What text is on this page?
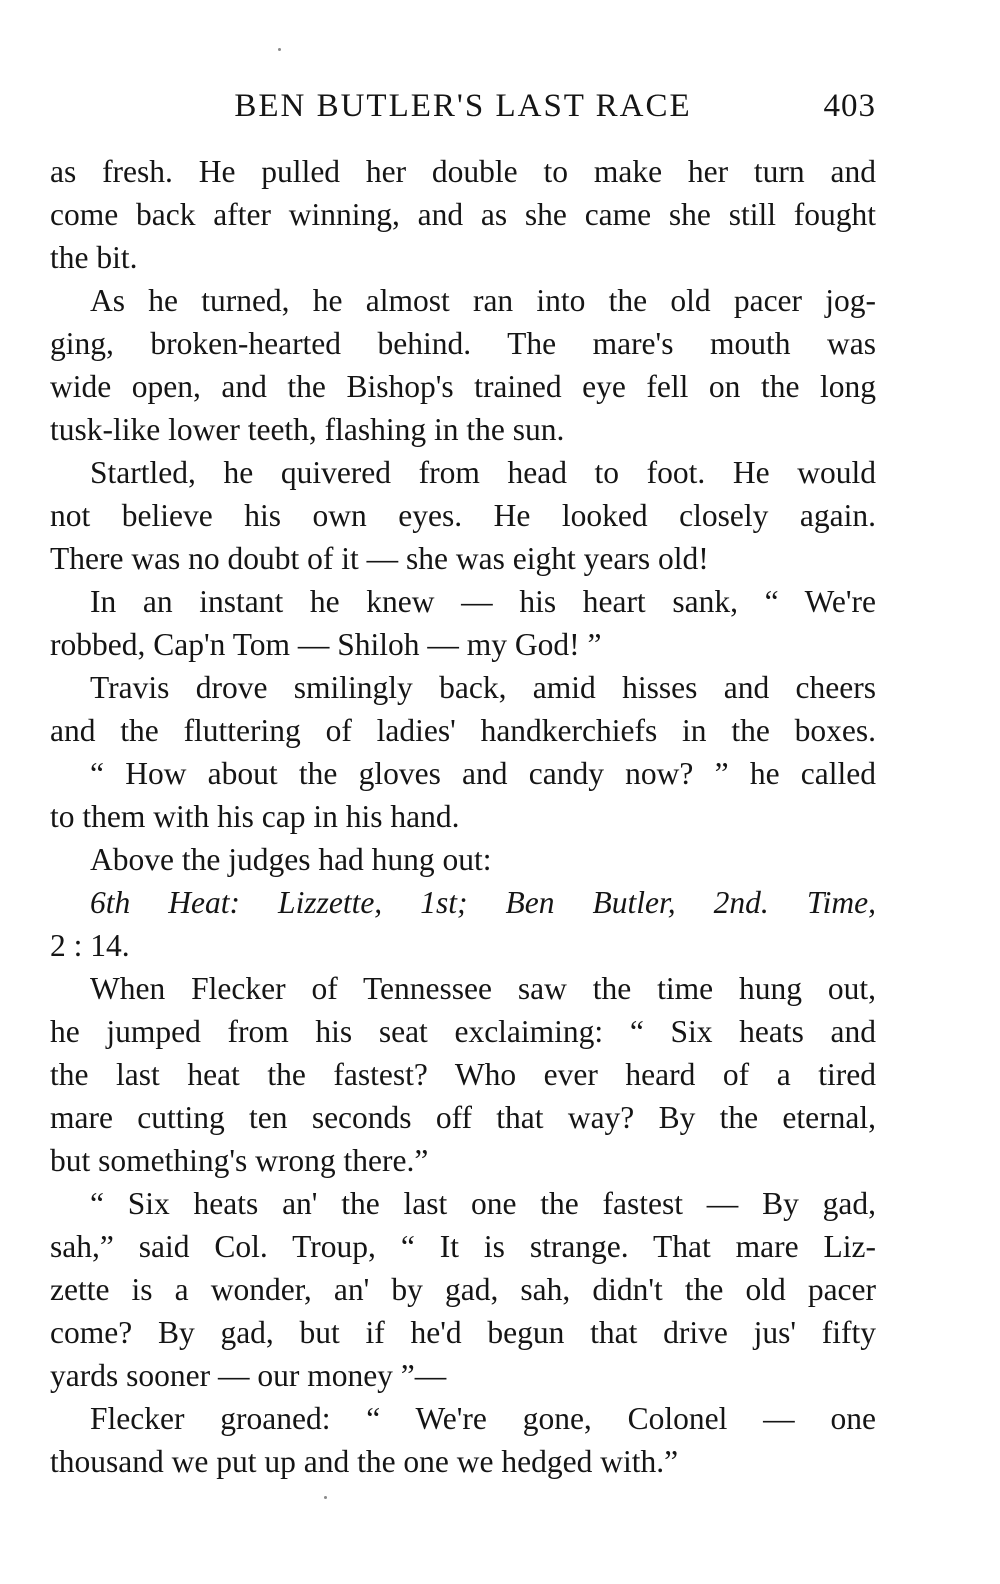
BEN BUTLER'S LAST RACE	403
as fresh. He pulled her double to make her turn and
come back after winning, and as she came she still fought
the bit.
As he turned, he almost ran into the old pacer jog-
ging, broken-hearted behind. The mare's mouth was
wide open, and the Bishop's trained eye fell on the long
tusk-like lower teeth, flashing in the sun.
Startled, he quivered from head to foot. He would
not believe his own eyes. He looked closely again.
There was no doubt of it — she was eight years old!
In an instant he knew — his heart sank, “ We're
robbed, Cap'n Tom — Shiloh — my God! ”
Travis drove smilingly back, amid hisses and cheers
and the fluttering of ladies' handkerchiefs in the boxes.
“ How about the gloves and candy now? ” he called
to them with his cap in his hand.
Above the judges had hung out:
6th Heat: Lizzette, 1st; Ben Butler, 2nd. Time,
2 : 14.
When Flecker of Tennessee saw the time hung out,
he jumped from his seat exclaiming: “ Six heats and
the last heat the fastest? Who ever heard of a tired
mare cutting ten seconds off that way? By the eternal,
but something's wrong there.”
“ Six heats an' the last one the fastest — By gad,
sah,” said Col. Troup, “ It is strange. That mare Liz-
zette is a wonder, an' by gad, sah, didn't the old pacer
come? By gad, but if he'd begun that drive jus' fifty
yards sooner — our money ”—
Flecker groaned: “ We're gone, Colonel — one
thousand we put up and the one we hedged with.”
